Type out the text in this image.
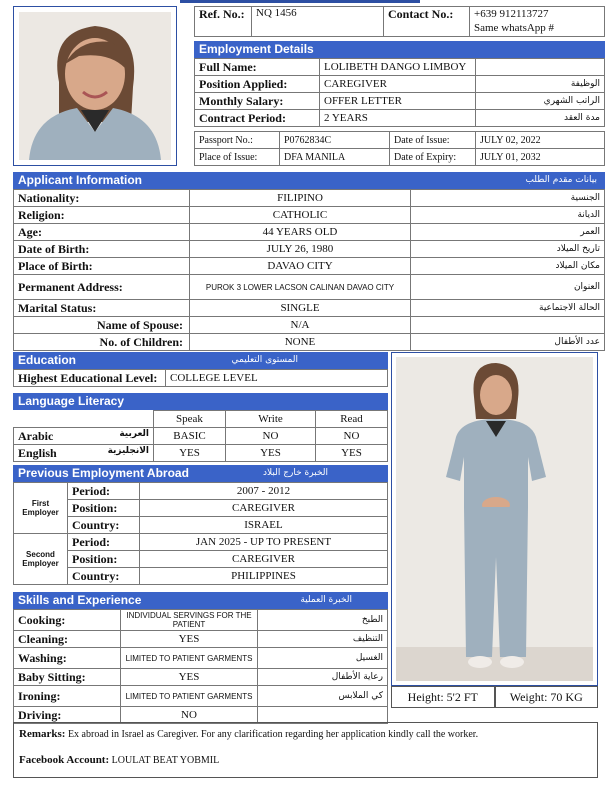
Ref. No.:	NQ 1456	Contact No.:	+639 912113727
Same whatsApp #
Employment Details
Full Name:	LOLIBETH DANGO LIMBOY	
Position Applied:	CAREGIVER	الوظيفة
Monthly Salary:	OFFER LETTER	الراتب الشهري
Contract Period:	2 YEARS	مدة العقد
Passport No.:	P0762834C	Date of Issue:	JULY 02, 2022
Place of Issue:	DFA MANILA	Date of Expiry:	JULY 01, 2032
Applicant Information	بيانات مقدم الطلب
Nationality:	FILIPINO	الجنسية
Religion:	CATHOLIC	الديانة
Age:	44 YEARS OLD	العمر
Date of Birth:	JULY 26, 1980	تاريخ الميلاد
Place of Birth:	DAVAO CITY	مكان الميلاد
Permanent Address:	PUROK 3 LOWER LACSON CALINAN DAVAO CITY	العنوان
Marital Status:	SINGLE	الحالة الاجتماعية
Name of Spouse:	N/A	
No. of Children:	NONE	عدد الأطفال
Education	المستوى التعليمي
Highest Educational Level:	COLLEGE LEVEL
Language Literacy
	Speak	Write	Read
Arabic العربية	BASIC	NO	NO
English الانجليزية	YES	YES	YES
Previous Employment Abroad	الخبرة خارج البلاد
First
Employer	Period:	2007 - 2012
	Position:	CAREGIVER
	Country:	ISRAEL

Second
Employer	Period:	JAN 2025 - UP TO PRESENT
	Position:	CAREGIVER
	Country:	PHILIPPINES
Skills and Experience	الخبرة العملية
Cooking:	INDIVIDUAL SERVINGS FOR THE PATIENT	الطبخ
Cleaning:	YES	التنظيف
Washing:	LIMITED TO PATIENT GARMENTS	الغسيل
Baby Sitting:	YES	رعاية الأطفال
Ironing:	LIMITED TO PATIENT GARMENTS	كي الملابس
Driving:	NO	
Height: 5'2 FT	Weight: 70 KG
Remarks: Ex abroad in Israel as Caregiver. For any clarification regarding her application kindly call the worker.
Facebook Account: LOULAT BEAT YOBMIL
